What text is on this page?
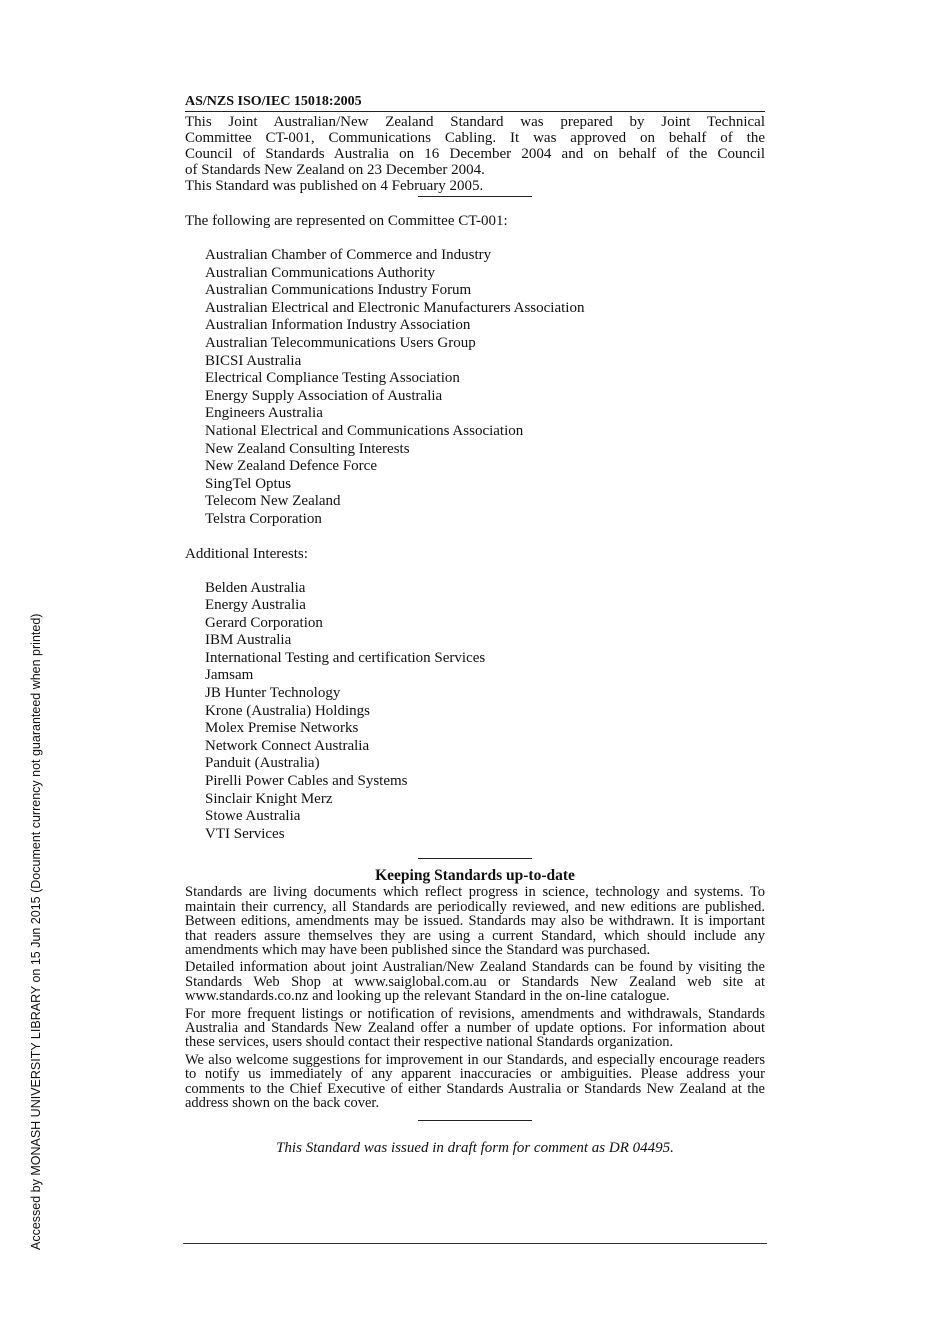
AS/NZS ISO/IEC 15018:2005
This Joint Australian/New Zealand Standard was prepared by Joint Technical
Committee CT-001, Communications Cabling. It was approved on behalf of the
Council of Standards Australia on 16 December 2004 and on behalf of the Council
of Standards New Zealand on 23 December 2004.
This Standard was published on 4 February 2005.
The following are represented on Committee CT-001:
Australian Chamber of Commerce and Industry
Australian Communications Authority
Australian Communications Industry Forum
Australian Electrical and Electronic Manufacturers Association
Australian Information Industry Association
Australian Telecommunications Users Group
BICSI Australia
Electrical Compliance Testing Association
Energy Supply Association of Australia
Engineers Australia
National Electrical and Communications Association
New Zealand Consulting Interests
New Zealand Defence Force
SingTel Optus
Telecom New Zealand
Telstra Corporation
Additional Interests:
Belden Australia
Energy Australia
Gerard Corporation
IBM Australia
International Testing and certification Services
Jamsam
JB Hunter Technology
Krone (Australia) Holdings
Molex Premise Networks
Network Connect Australia
Panduit (Australia)
Pirelli Power Cables and Systems
Sinclair Knight Merz
Stowe Australia
VTI Services
Keeping Standards up-to-date

Standards are living documents which reflect progress in science, technology and systems. To maintain their currency, all Standards are periodically reviewed, and new editions are published. Between editions, amendments may be issued. Standards may also be withdrawn. It is important that readers assure themselves they are using a current Standard, which should include any amendments which may have been published since the Standard was purchased.

Detailed information about joint Australian/New Zealand Standards can be found by visiting the Standards Web Shop at www.saiglobal.com.au or Standards New Zealand web site at www.standards.co.nz and looking up the relevant Standard in the on-line catalogue.

For more frequent listings or notification of revisions, amendments and withdrawals, Standards Australia and Standards New Zealand offer a number of update options. For information about these services, users should contact their respective national Standards organization.

We also welcome suggestions for improvement in our Standards, and especially encourage readers to notify us immediately of any apparent inaccuracies or ambiguities. Please address your comments to the Chief Executive of either Standards Australia or Standards New Zealand at the address shown on the back cover.

This Standard was issued in draft form for comment as DR 04495.
Accessed by MONASH UNIVERSITY LIBRARY on 15 Jun 2015 (Document currency not guaranteed when printed)
